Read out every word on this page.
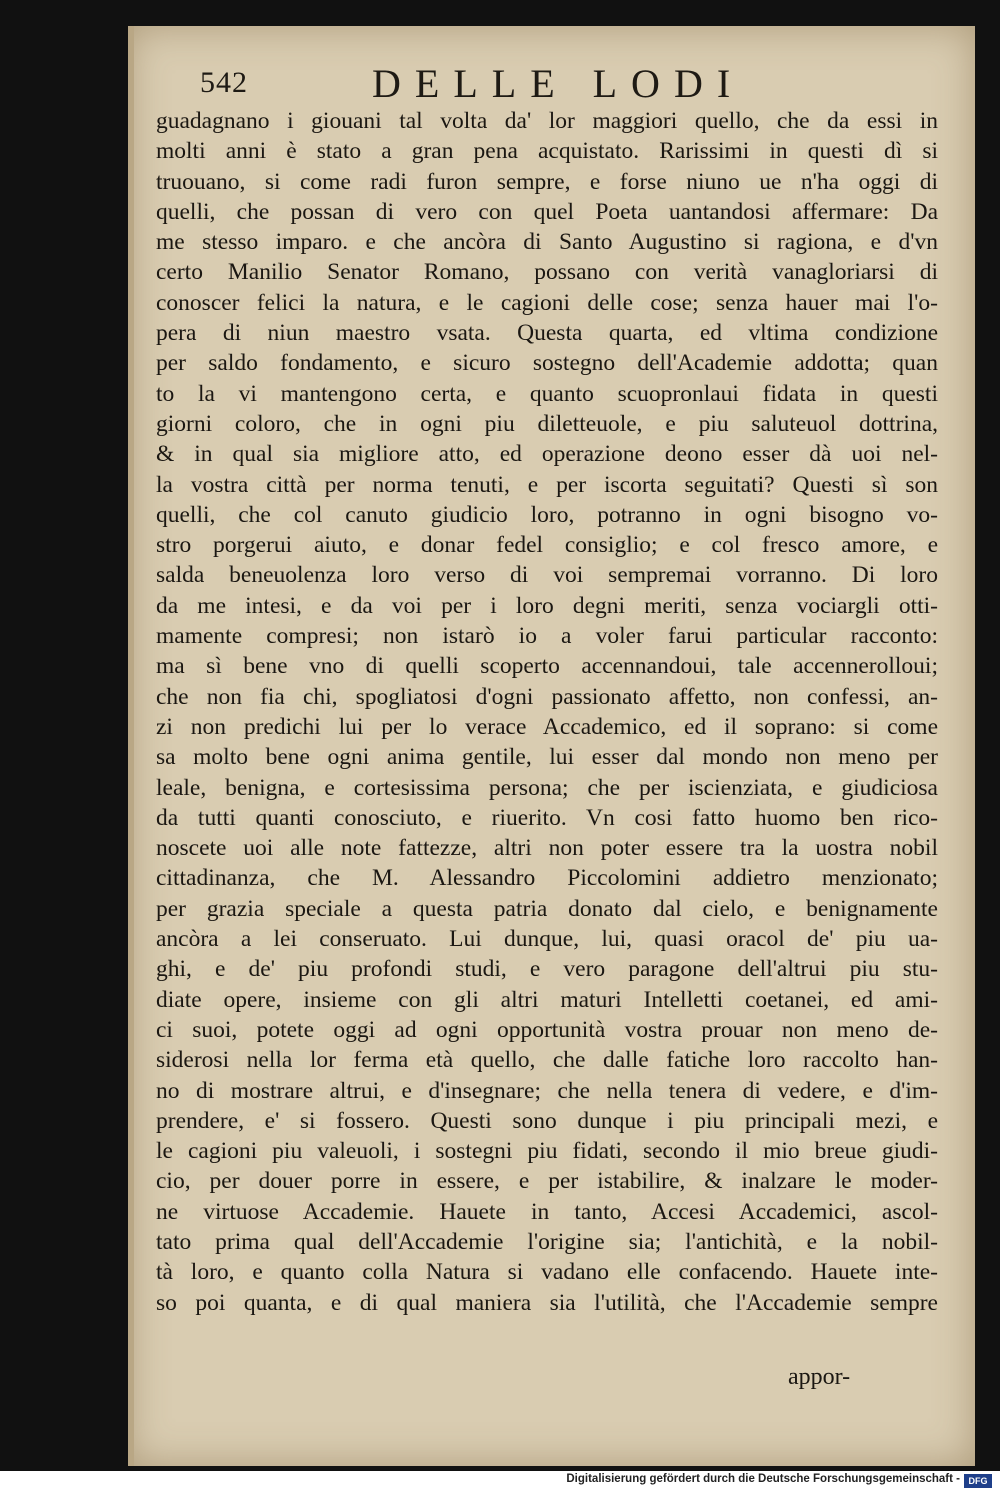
542	DELLE LODI
guadagnano i giouani tal volta da' lor maggiori quello, che da essi in
molti anni è stato a gran pena acquistato. Rarissimi in questi dì si
truouano, si come radi furon sempre, e forse niuno ue n'ha oggi di
quelli, che possan di vero con quel Poeta uantandosi affermare: Da
me stesso imparo. e che ancòra di Santo Augustino si ragiona, e d'vn
certo Manilio Senator Romano, possano con verità vanagloriarsi di
conoscer felici la natura, e le cagioni delle cose; senza hauer mai l'o-
pera di niun maestro vsata. Questa quarta, ed vltima condizione
per saldo fondamento, e sicuro sostegno dell'Academie addotta; quan
to la vi mantengono certa, e quanto scuopronlaui fidata in questi
giorni coloro, che in ogni piu diletteuole, e piu saluteuol dottrina,
& in qual sia migliore atto, ed operazione deono esser dà uoi nel-
la vostra città per norma tenuti, e per iscorta seguitati? Questi sì son
quelli, che col canuto giudicio loro, potranno in ogni bisogno vo-
stro porgerui aiuto, e donar fedel consiglio; e col fresco amore, e
salda beneuolenza loro verso di voi sempremai vorranno. Di loro
da me intesi, e da voi per i loro degni meriti, senza vociargli otti-
mamente compresi; non istarò io a voler farui particular racconto:
ma sì bene vno di quelli scoperto accennandoui, tale accennerolloui;
che non fia chi, spogliatosi d'ogni passionato affetto, non confessi, an-
zi non predichi lui per lo verace Accademico, ed il soprano: si come
sa molto bene ogni anima gentile, lui esser dal mondo non meno per
leale, benigna, e cortesissima persona; che per iscienziata, e giudiciosa
da tutti quanti conosciuto, e riuerito. Vn cosi fatto huomo ben rico-
noscete uoi alle note fattezze, altri non poter essere tra la uostra nobil
cittadinanza, che M. Alessandro Piccolomini addietro menzionato;
per grazia speciale a questa patria donato dal cielo, e benignamente
ancòra a lei conseruato. Lui dunque, lui, quasi oracol de' piu ua-
ghi, e de' piu profondi studi, e vero paragone dell'altrui piu stu-
diate opere, insieme con gli altri maturi Intelletti coetanei, ed ami-
ci suoi, potete oggi ad ogni opportunità vostra prouar non meno de-
siderosi nella lor ferma età quello, che dalle fatiche loro raccolto han-
no di mostrare altrui, e d'insegnare; che nella tenera di vedere, e d'im-
prendere, e' si fossero. Questi sono dunque i piu principali mezi, e
le cagioni piu valeuoli, i sostegni piu fidati, secondo il mio breue giudi-
cio, per douer porre in essere, e per istabilire, & inalzare le moder-
ne virtuose Accademie. Hauete in tanto, Accesi Accademici, ascol-
tato prima qual dell'Accademie l'origine sia; l'antichità, e la nobil-
tà loro, e quanto colla Natura si vadano elle confacendo. Hauete inte-
so poi quanta, e di qual maniera sia l'utilità, che l'Accademie sempre
appor-
Digitalisierung gefördert durch die Deutsche Forschungsgemeinschaft - DFG
